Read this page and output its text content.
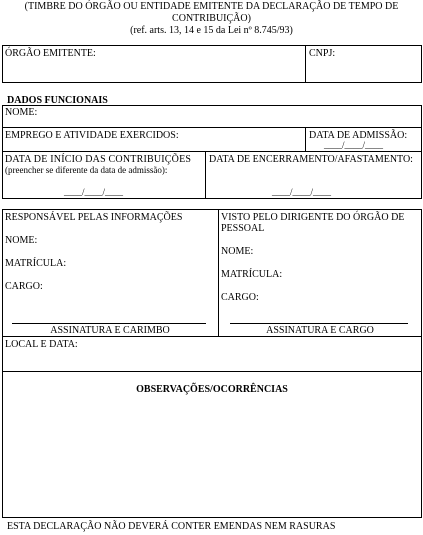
(TIMBRE DO ÓRGÃO OU ENTIDADE EMITENTE DA DECLARAÇÃO DE TEMPO DE
CONTRIBUIÇÃO)
(ref. arts. 13, 14 e 15 da Lei nº 8.745/93)
ÓRGÃO EMITENTE:	CNPJ:
DADOS FUNCIONAIS
NOME:
EMPREGO E ATIVIDADE EXERCIDOS:	DATA DE ADMISSÃO:
____/____/____
DATA DE INÍCIO DAS CONTRIBUIÇÕES
(preencher se diferente da data de admissão):
____/____/____
DATA DE ENCERRAMENTO/AFASTAMENTO:
____/____/____
RESPONSÁVEL PELAS INFORMAÇÕES
NOME:
MATRÍCULA:
CARGO:
ASSINATURA E CARIMBO
VISTO PELO DIRIGENTE DO ÓRGÃO DE
PESSOAL
NOME:
MATRÍCULA:
CARGO:
ASSINATURA E CARGO
LOCAL E DATA:
OBSERVAÇÕES/OCORRÊNCIAS
ESTA DECLARAÇÃO NÃO DEVERÁ CONTER EMENDAS NEM RASURAS
